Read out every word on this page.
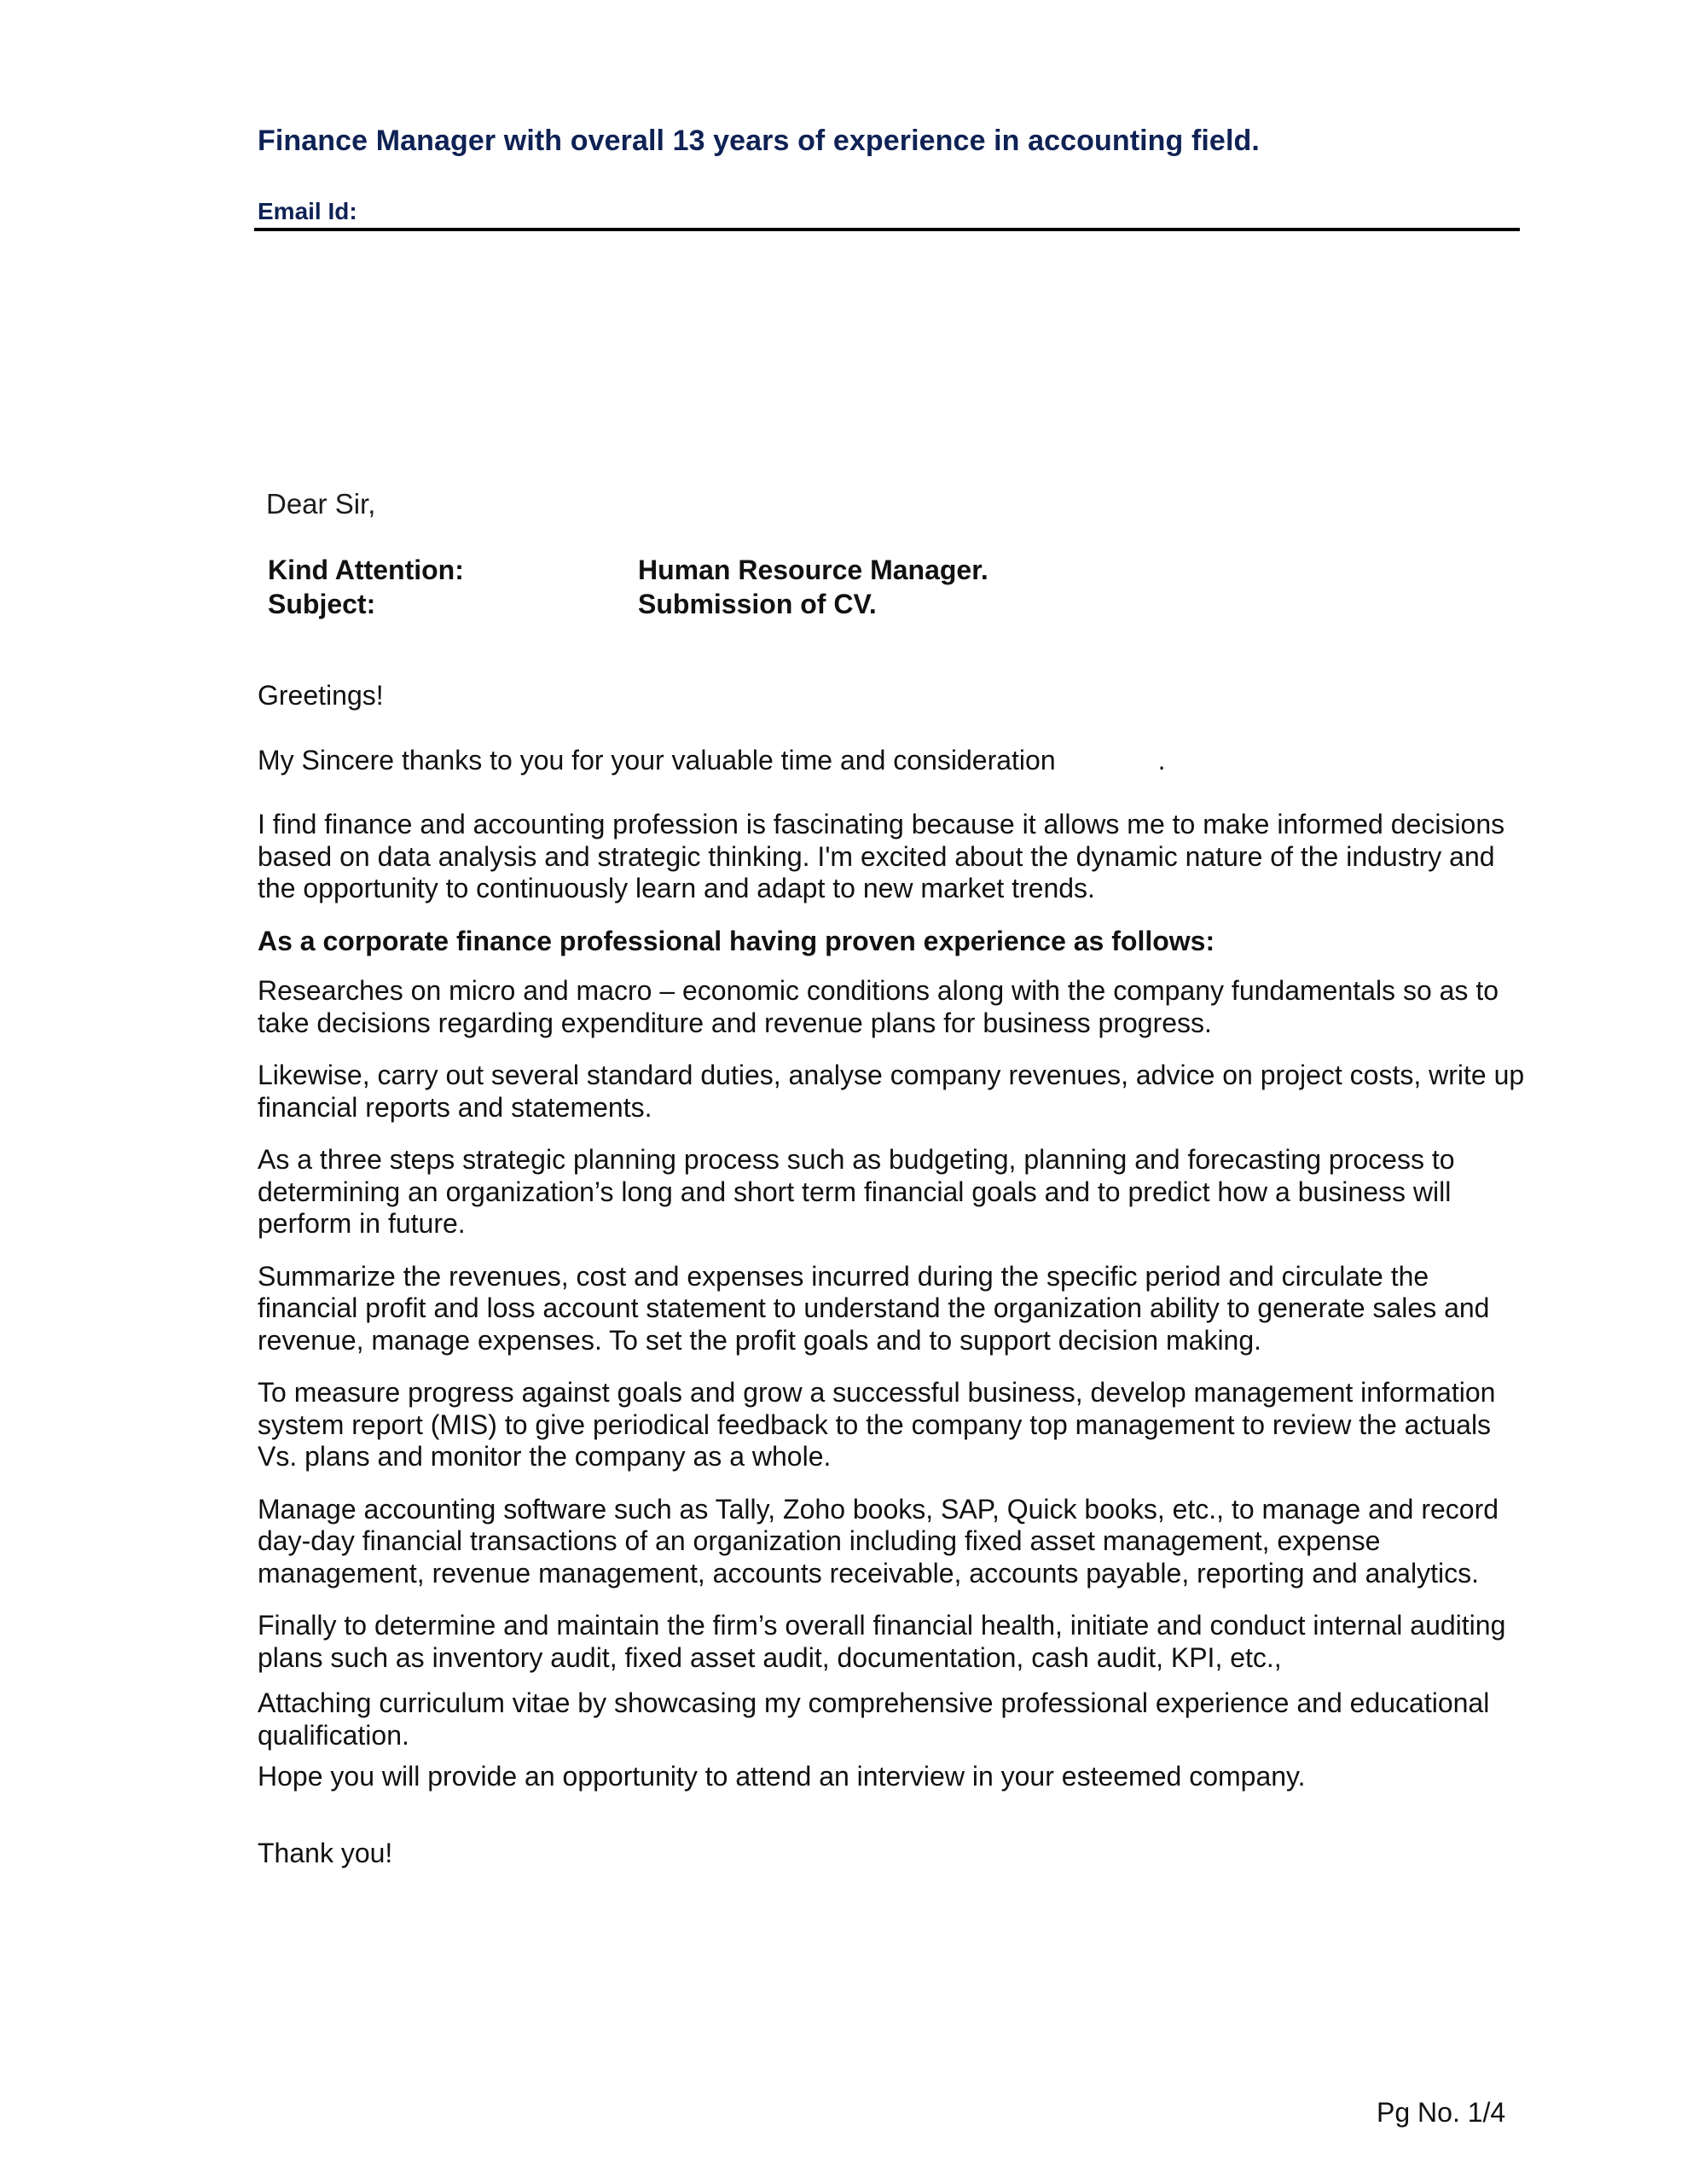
Finance Manager with overall 13 years of experience in accounting field.
Email Id:
Dear Sir,
Kind Attention:	Human Resource Manager.
Subject:	Submission of CV.

Greetings!

My Sincere thanks to you for your valuable time and consideration	.

I find finance and accounting profession is fascinating because it allows me to make informed decisions based on data analysis and strategic thinking. I'm excited about the dynamic nature of the industry and the opportunity to continuously learn and adapt to new market trends.

As a corporate finance professional having proven experience as follows:

Researches on micro and macro – economic conditions along with the company fundamentals so as to take decisions regarding expenditure and revenue plans for business progress.

Likewise, carry out several standard duties, analyse company revenues, advice on project costs, write up financial reports and statements.

As a three steps strategic planning process such as budgeting, planning and forecasting process to determining an organization’s long and short term financial goals and to predict how a business will perform in future.

Summarize the revenues, cost and expenses incurred during the specific period and circulate the financial profit and loss account statement to understand the organization ability to generate sales and revenue, manage expenses. To set the profit goals and to support decision making.

To measure progress against goals and grow a successful business, develop management information system report (MIS) to give periodical feedback to the company top management to review the actuals Vs. plans and monitor the company as a whole.

Manage accounting software such as Tally, Zoho books, SAP, Quick books, etc., to manage and record day-day financial transactions of an organization including fixed asset management, expense management, revenue management, accounts receivable, accounts payable, reporting and analytics.

Finally to determine and maintain the firm’s overall financial health, initiate and conduct internal auditing plans such as inventory audit, fixed asset audit, documentation, cash audit, KPI, etc.,

Attaching curriculum vitae by showcasing my comprehensive professional experience and educational qualification.

Hope you will provide an opportunity to attend an interview in your esteemed company.

Thank you!

Pg No. 1/4
